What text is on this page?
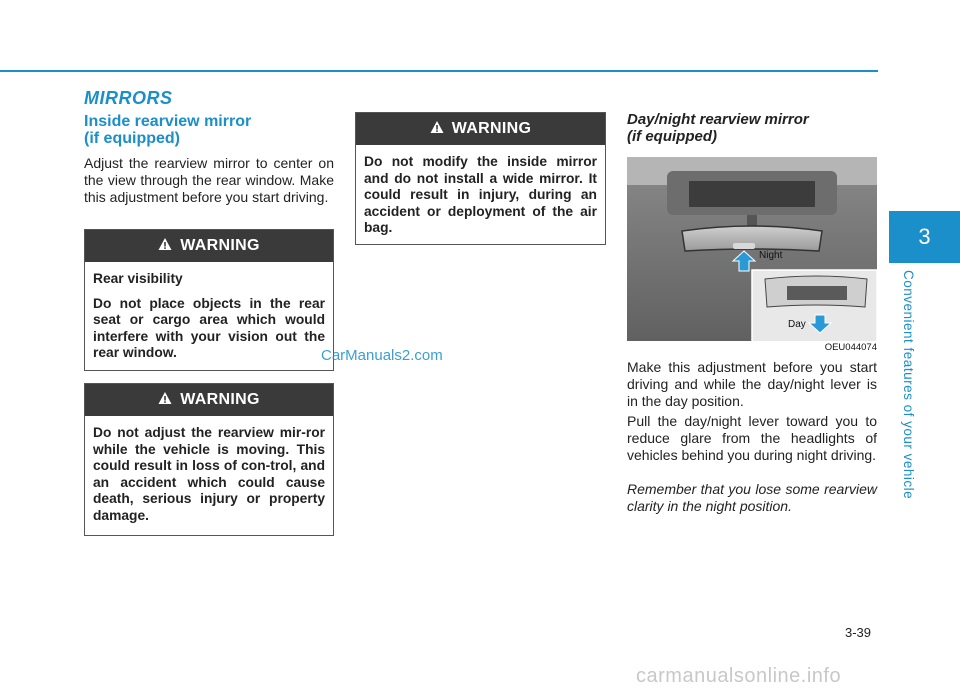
3
Convenient features of your vehicle
MIRRORS
Inside rearview mirror
(if equipped)
Adjust the rearview mirror to center on the view through the rear window. Make this adjustment before you start driving.
WARNING

Rear visibility

Do not place objects in the rear seat or cargo area which would interfere with your vision out the rear window.

WARNING

Do not adjust the rearview mir-ror while the vehicle is moving. This could result in loss of con-trol, and an accident which could cause death, serious injury or property damage.

WARNING

Do not modify the inside mirror and do not install a wide mirror. It could result in injury, during an accident or deployment of the air bag.

Day/night rearview mirror
(if equipped)
Night
Day
OEU044074
Make this adjustment before you start driving and while the day/night lever is in the day position.
Pull the day/night lever toward you to reduce glare from the headlights of vehicles behind you during night driving.
Remember that you lose some rearview clarity in the night position.
CarManuals2.com
3-39
carmanualsonline.info
